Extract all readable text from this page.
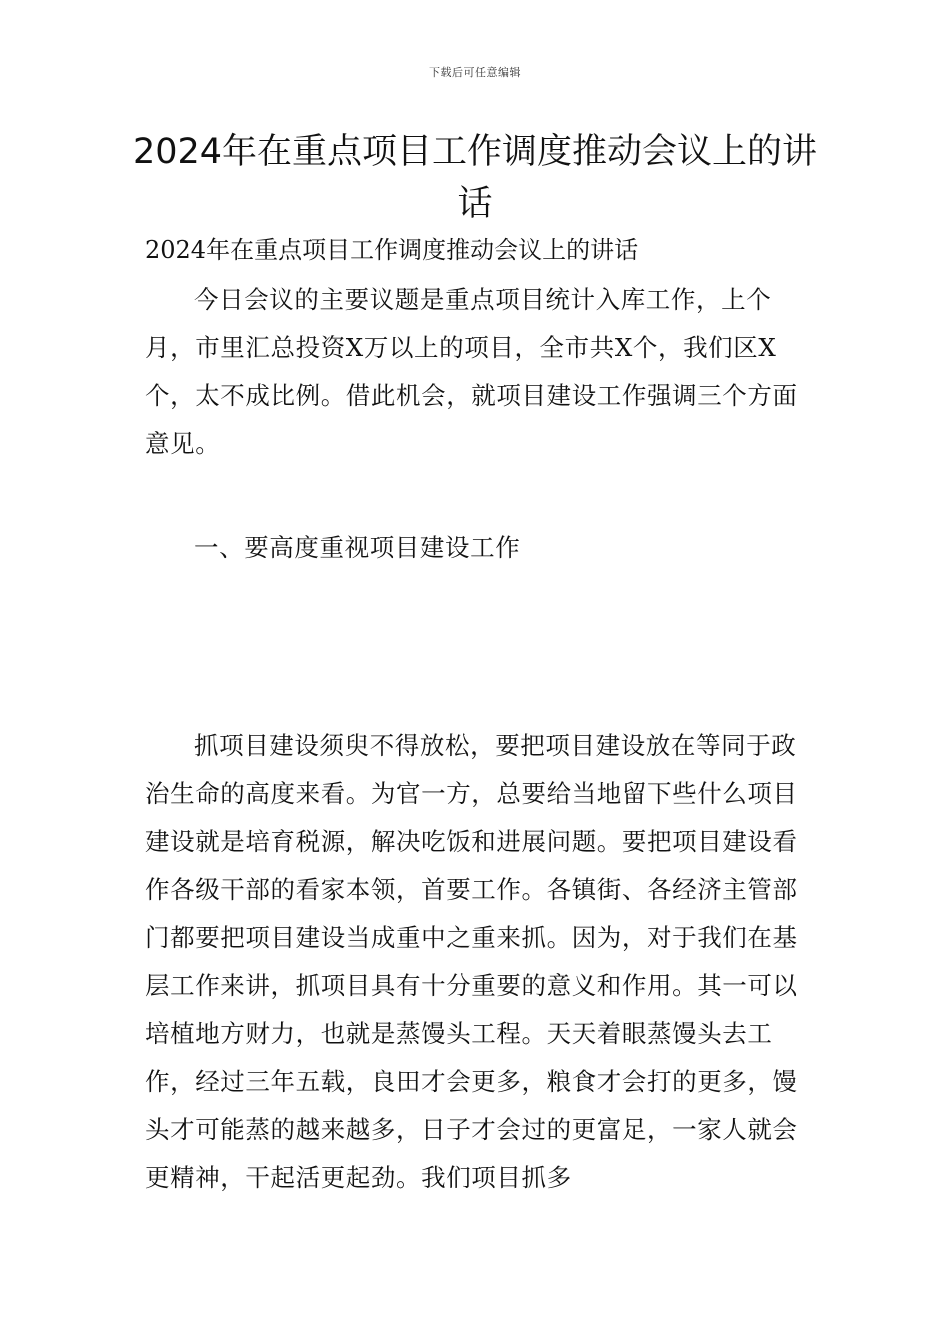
下载后可任意编辑
2024年在重点项目工作调度推动会议上的讲话

2024年在重点项目工作调度推动会议上的讲话

今日会议的主要议题是重点项目统计入库工作，上个月，市里汇总投资X万以上的项目，全市共X个，我们区X个，太不成比例。借此机会，就项目建设工作强调三个方面意见。

一、要高度重视项目建设工作

抓项目建设须臾不得放松，要把项目建设放在等同于政治生命的高度来看。为官一方，总要给当地留下些什么项目建设就是培育税源，解决吃饭和进展问题。要把项目建设看作各级干部的看家本领，首要工作。各镇街、各经济主管部门都要把项目建设当成重中之重来抓。因为，对于我们在基层工作来讲，抓项目具有十分重要的意义和作用。其一可以培植地方财力，也就是蒸馒头工程。天天着眼蒸馒头去工作，经过三年五载，良田才会更多，粮食才会打的更多，馒头才可能蒸的越来越多，日子才会过的更富足，一家人就会更精神，干起活更起劲。我们项目抓多
